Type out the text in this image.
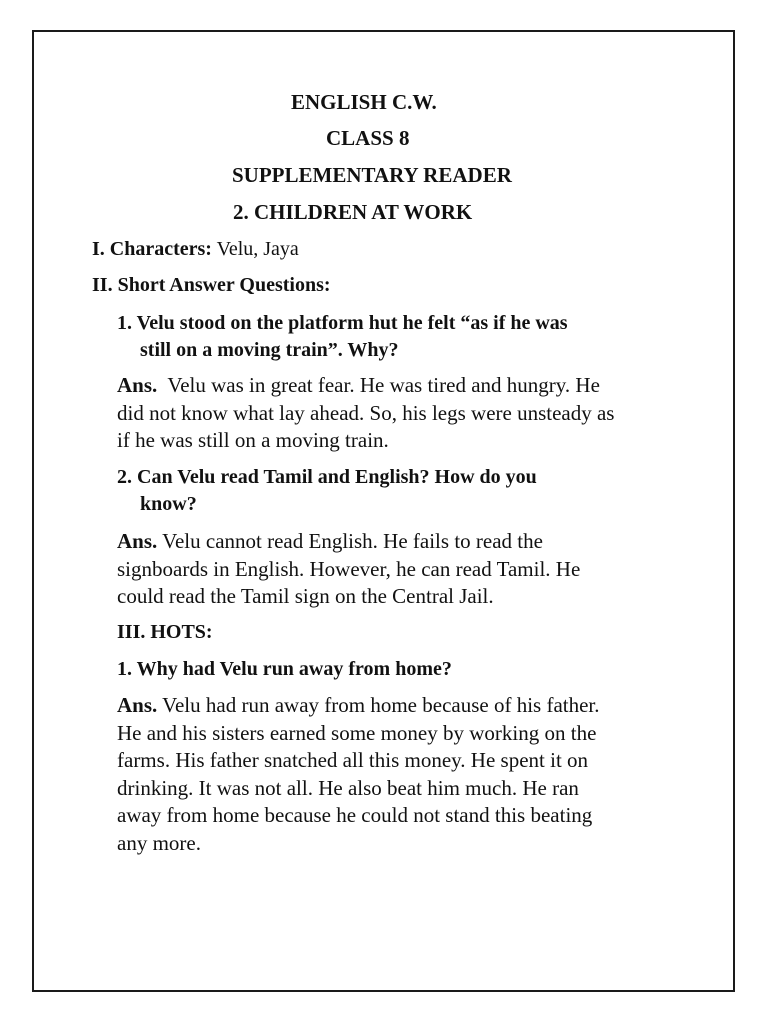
ENGLISH C.W.
CLASS 8
SUPPLEMENTARY READER
2. CHILDREN AT WORK
I. Characters: Velu, Jaya
II. Short Answer Questions:
1. Velu stood on the platform hut he felt “as if he was
still on a moving train”. Why?
Ans.  Velu was in great fear. He was tired and hungry. He
did not know what lay ahead. So, his legs were unsteady as
if he was still on a moving train.
2. Can Velu read Tamil and English? How do you
know?
Ans. Velu cannot read English. He fails to read the
signboards in English. However, he can read Tamil. He
could read the Tamil sign on the Central Jail.
III. HOTS:
1. Why had Velu run away from home?
Ans. Velu had run away from home because of his father.
He and his sisters earned some money by working on the
farms. His father snatched all this money. He spent it on
drinking. It was not all. He also beat him much. He ran
away from home because he could not stand this beating
any more.
